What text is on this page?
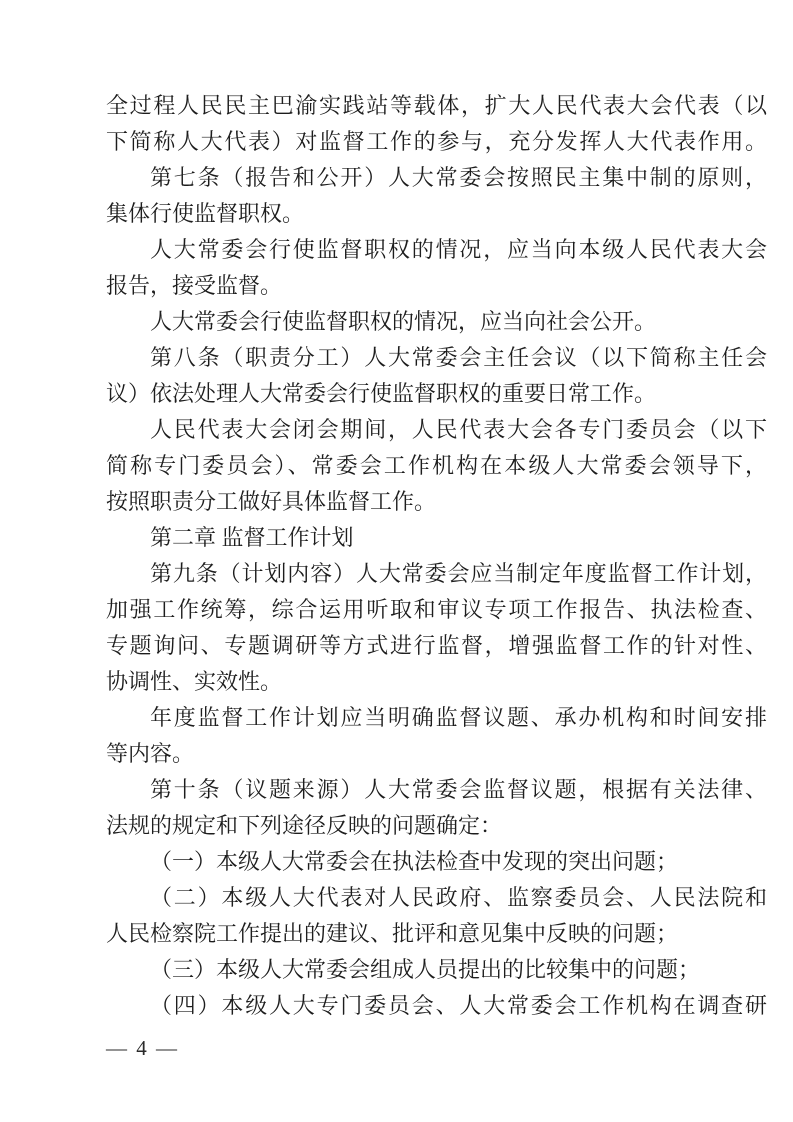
全过程人民民主巴渝实践站等载体，扩大人民代表大会代表（以
下简称人大代表）对监督工作的参与，充分发挥人大代表作用。
第七条（报告和公开）人大常委会按照民主集中制的原则，
集体行使监督职权。
人大常委会行使监督职权的情况，应当向本级人民代表大会
报告，接受监督。
人大常委会行使监督职权的情况，应当向社会公开。
第八条（职责分工）人大常委会主任会议（以下简称主任会
议）依法处理人大常委会行使监督职权的重要日常工作。
人民代表大会闭会期间，人民代表大会各专门委员会（以下
简称专门委员会）、常委会工作机构在本级人大常委会领导下，
按照职责分工做好具体监督工作。
第二章 监督工作计划
第九条（计划内容）人大常委会应当制定年度监督工作计划，
加强工作统筹，综合运用听取和审议专项工作报告、执法检查、
专题询问、专题调研等方式进行监督，增强监督工作的针对性、
协调性、实效性。
年度监督工作计划应当明确监督议题、承办机构和时间安排
等内容。
第十条（议题来源）人大常委会监督议题，根据有关法律、
法规的规定和下列途径反映的问题确定：
（一）本级人大常委会在执法检查中发现的突出问题；
（二）本级人大代表对人民政府、监察委员会、人民法院和
人民检察院工作提出的建议、批评和意见集中反映的问题；
（三）本级人大常委会组成人员提出的比较集中的问题；
（四）本级人大专门委员会、人大常委会工作机构在调查研
— 4 —
